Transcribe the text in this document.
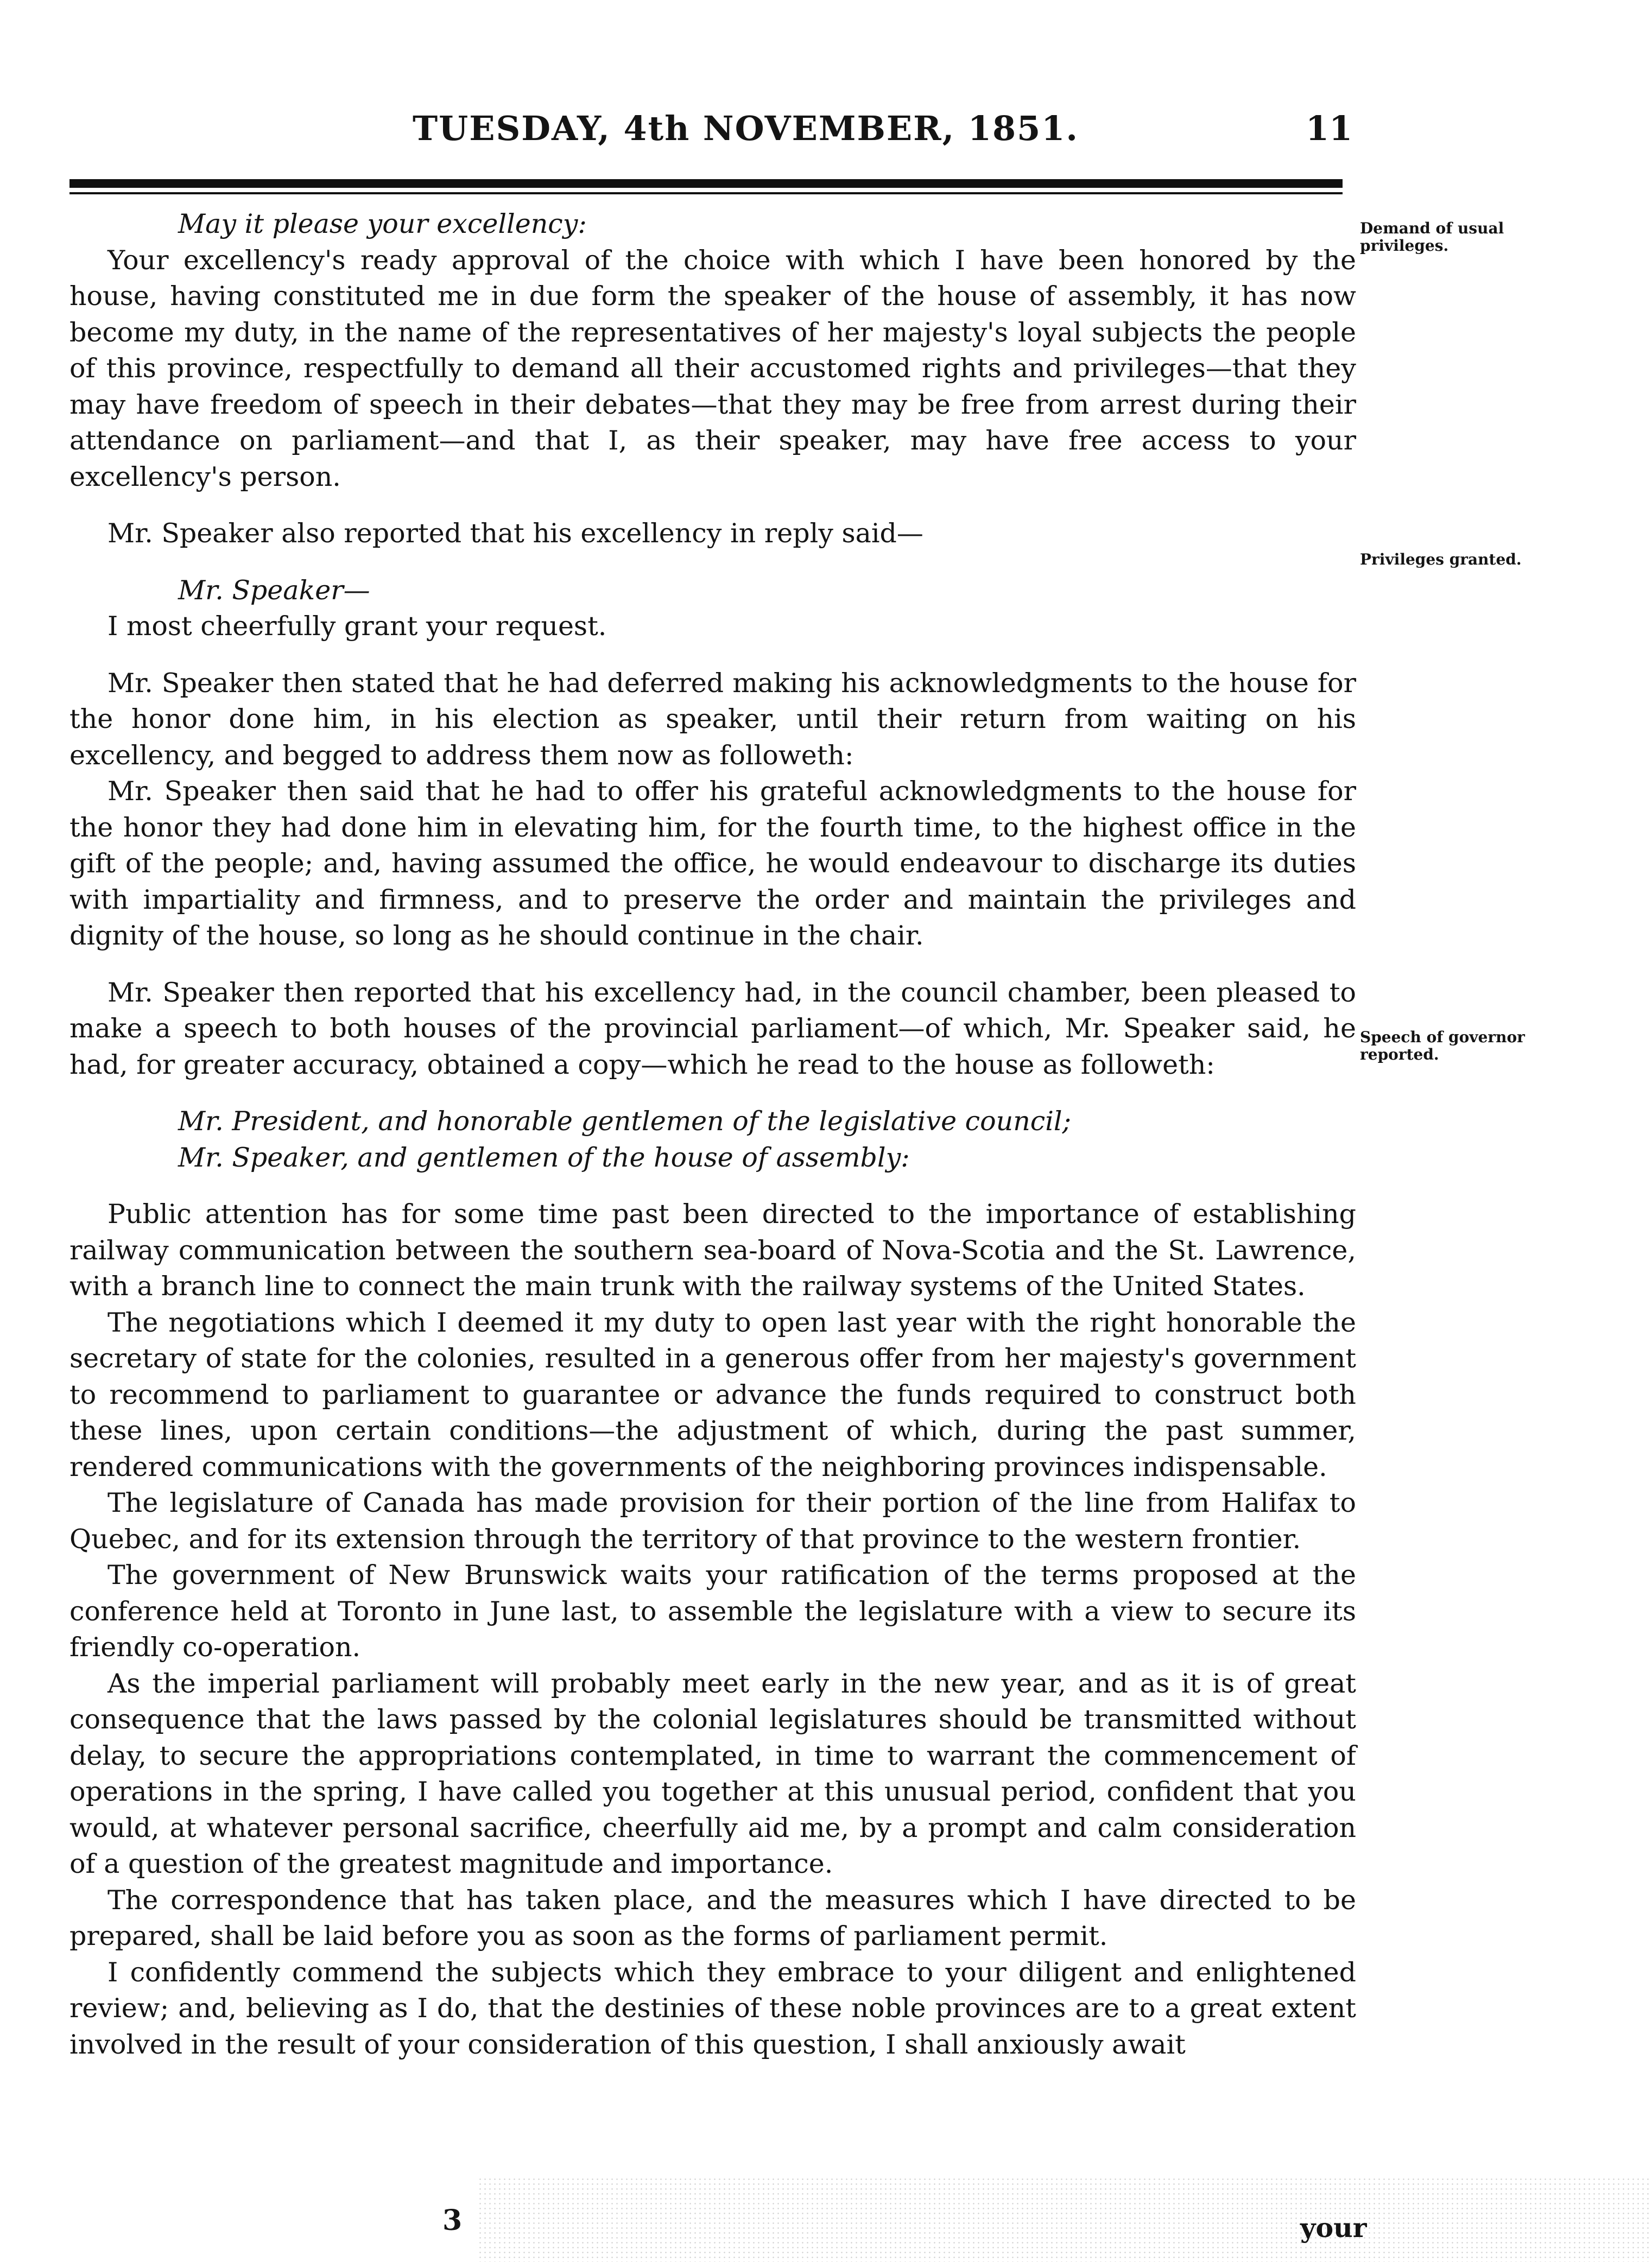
TUESDAY, 4th NOVEMBER, 1851.	11
Demand of usual privileges.
Privileges granted.
Speech of governor reported.

May it please your excellency:

Your excellency's ready approval of the choice with which I have been honored by the house, having constituted me in due form the speaker of the house of assembly, it has now become my duty, in the name of the representatives of her majesty's loyal subjects the people of this province, respectfully to demand all their accustomed rights and privileges—that they may have freedom of speech in their debates—that they may be free from arrest during their attendance on parliament—and that I, as their speaker, may have free access to your excellency's person.

Mr. Speaker also reported that his excellency in reply said—

Mr. Speaker—

I most cheerfully grant your request.

Mr. Speaker then stated that he had deferred making his acknowledgments to the house for the honor done him, in his election as speaker, until their return from waiting on his excellency, and begged to address them now as followeth:

Mr. Speaker then said that he had to offer his grateful acknowledgments to the house for the honor they had done him in elevating him, for the fourth time, to the highest office in the gift of the people; and, having assumed the office, he would endeavour to discharge its duties with impartiality and firmness, and to preserve the order and maintain the privileges and dignity of the house, so long as he should continue in the chair.

Mr. Speaker then reported that his excellency had, in the council chamber, been pleased to make a speech to both houses of the provincial parliament—of which, Mr. Speaker said, he had, for greater accuracy, obtained a copy—which he read to the house as followeth:

Mr. President, and honorable gentlemen of the legislative council;

Mr. Speaker, and gentlemen of the house of assembly:

Public attention has for some time past been directed to the importance of establishing railway communication between the southern sea-board of Nova-Scotia and the St. Lawrence, with a branch line to connect the main trunk with the railway systems of the United States.

The negotiations which I deemed it my duty to open last year with the right honorable the secretary of state for the colonies, resulted in a generous offer from her majesty's government to recommend to parliament to guarantee or advance the funds required to construct both these lines, upon certain conditions—the adjustment of which, during the past summer, rendered communications with the governments of the neighboring provinces indispensable.

The legislature of Canada has made provision for their portion of the line from Halifax to Quebec, and for its extension through the territory of that province to the western frontier.

The government of New Brunswick waits your ratification of the terms proposed at the conference held at Toronto in June last, to assemble the legislature with a view to secure its friendly co-operation.

As the imperial parliament will probably meet early in the new year, and as it is of great consequence that the laws passed by the colonial legislatures should be transmitted without delay, to secure the appropriations contemplated, in time to warrant the commencement of operations in the spring, I have called you together at this unusual period, confident that you would, at whatever personal sacrifice, cheerfully aid me, by a prompt and calm consideration of a question of the greatest magnitude and importance.

The correspondence that has taken place, and the measures which I have directed to be prepared, shall be laid before you as soon as the forms of parliament permit.

I confidently commend the subjects which they embrace to your diligent and enlightened review; and, believing as I do, that the destinies of these noble provinces are to a great extent involved in the result of your consideration of this question, I shall anxiously await

3	your
